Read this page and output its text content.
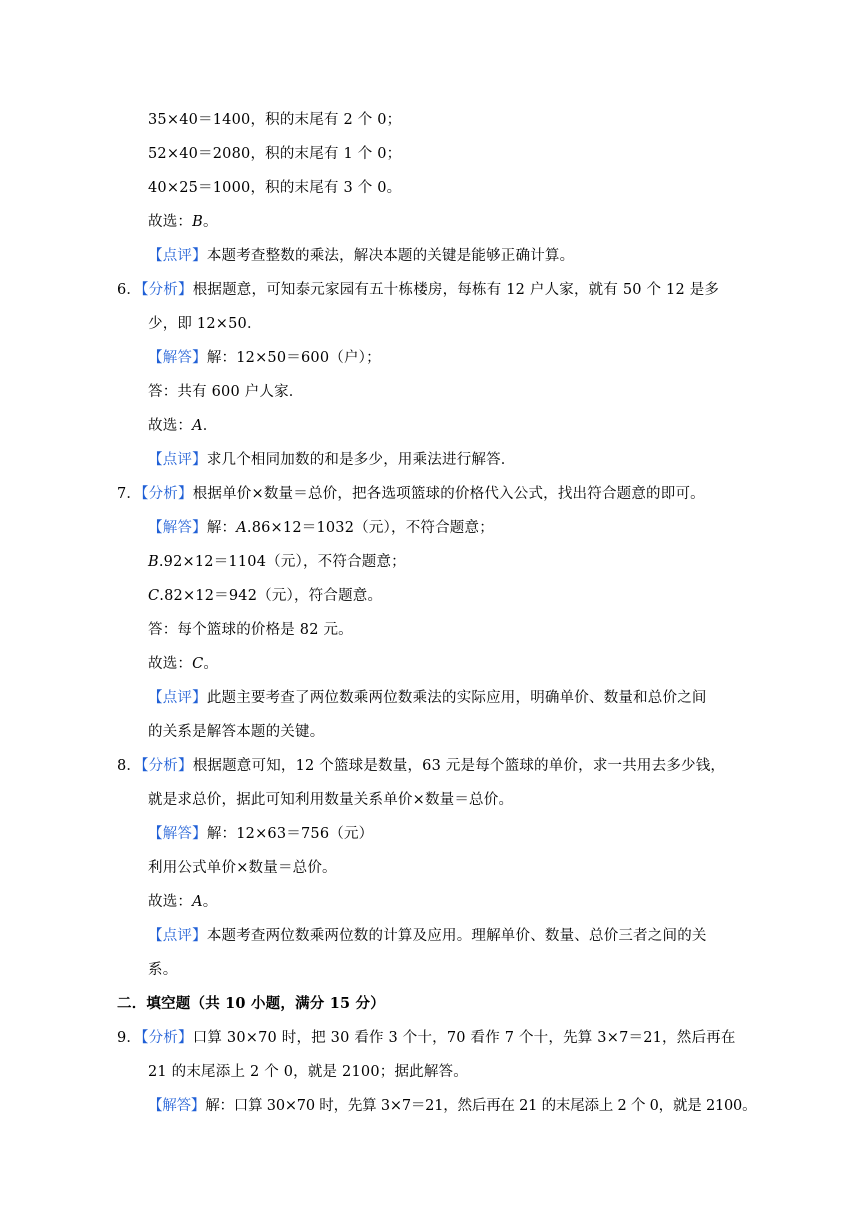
35×40＝1400，积的末尾有 2 个 0；
52×40＝2080，积的末尾有 1 个 0；
40×25＝1000，积的末尾有 3 个 0。
故选：B。
【点评】本题考查整数的乘法，解决本题的关键是能够正确计算。
6．【分析】根据题意，可知泰元家园有五十栋楼房，每栋有 12 户人家，就有 50 个 12 是多
少，即 12×50．
【解答】解：12×50＝600（户）；
答：共有 600 户人家．
故选：A．
【点评】求几个相同加数的和是多少，用乘法进行解答．
7．【分析】根据单价×数量＝总价，把各选项篮球的价格代入公式，找出符合题意的即可。
【解答】解：A.86×12＝1032（元），不符合题意；
B.92×12＝1104（元），不符合题意；
C.82×12＝942（元），符合题意。
答：每个篮球的价格是 82 元。
故选：C。
【点评】此题主要考查了两位数乘两位数乘法的实际应用，明确单价、数量和总价之间
的关系是解答本题的关键。
8．【分析】根据题意可知，12 个篮球是数量，63 元是每个篮球的单价，求一共用去多少钱，
就是求总价，据此可知利用数量关系单价×数量＝总价。
【解答】解：12×63＝756（元）
利用公式单价×数量＝总价。
故选：A。
【点评】本题考查两位数乘两位数的计算及应用。理解单价、数量、总价三者之间的关
系。
二．填空题（共 10 小题，满分 15 分）
9．【分析】口算 30×70 时，把 30 看作 3 个十，70 看作 7 个十，先算 3×7＝21，然后再在
21 的末尾添上 2 个 0，就是 2100；据此解答。
【解答】解：口算 30×70 时，先算 3×7＝21，然后再在 21 的末尾添上 2 个 0，就是 2100。
